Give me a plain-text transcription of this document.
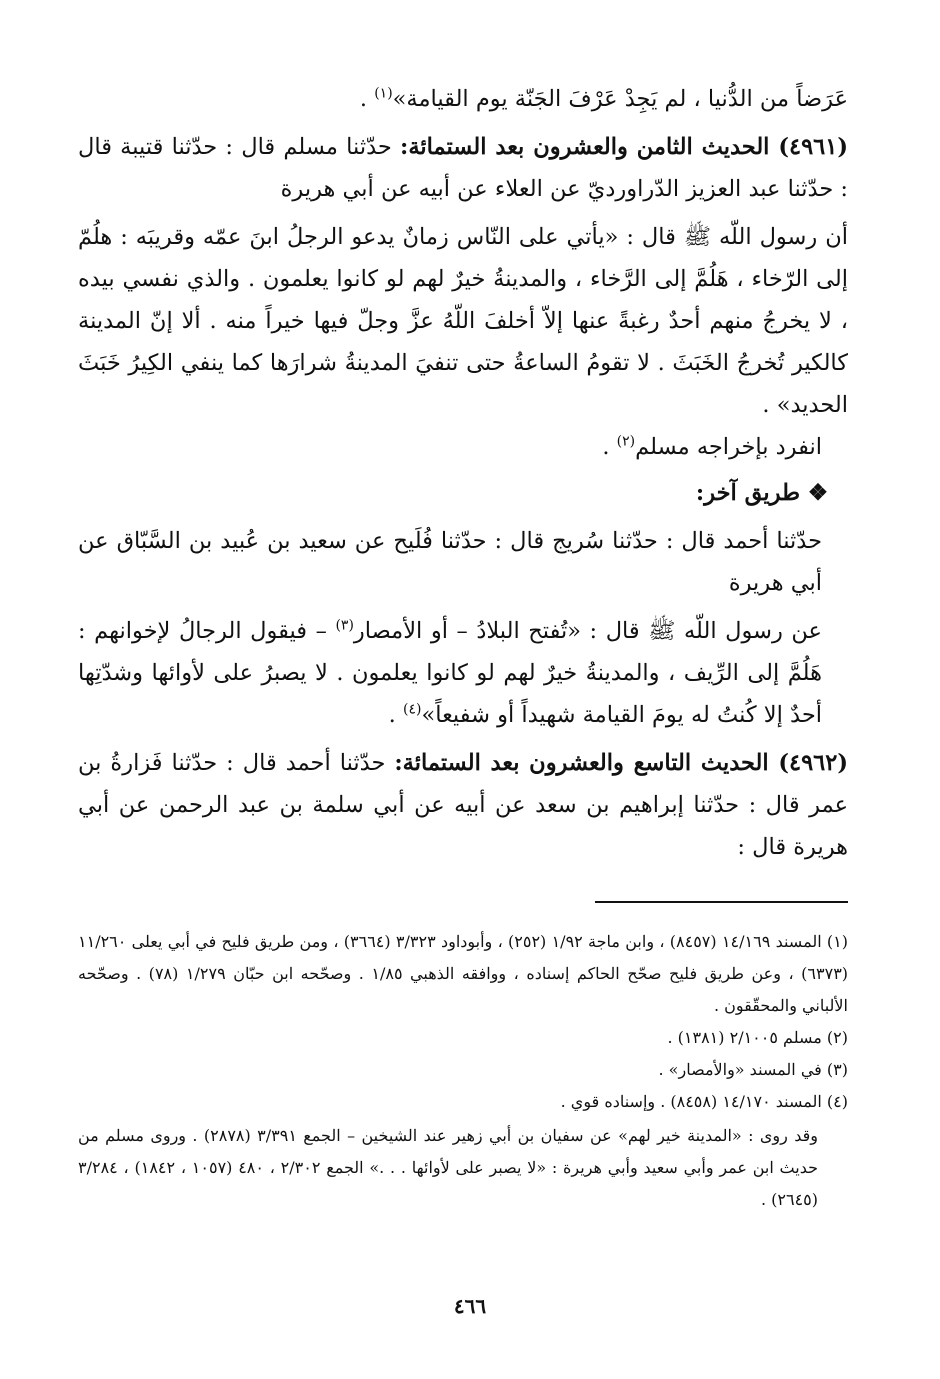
عَرَضاً من الدُّنيا ، لم يَجِدْ عَرْفَ الجَنّة يوم القيامة»$^{(١)}$ .

(٤٩٦١) الحديث الثامن والعشرون بعد الستمائة: حدّثنا مسلم قال : حدّثنا قتيبة قال : حدّثنا عبد العزيز الدّراورديّ عن العلاء عن أبيه عن أبي هريرة

أن رسول اللّه ﷺ قال : «يأتي على النّاس زمانٌ يدعو الرجلُ ابنَ عمّه وقريبَه : هلُمّ إلى الرّخاء ، هَلُمَّ إلى الرَّخاء ، والمدينةُ خيرٌ لهم لو كانوا يعلمون . والذي نفسي بيده ، لا يخرجُ منهم أحدٌ رغبةً عنها إلاّ أخلفَ اللّهُ عزَّ وجلّ فيها خيراً منه . ألا إنّ المدينة كالكير تُخرجُ الخَبَثَ . لا تقومُ الساعةُ حتى تنفيَ المدينةُ شرارَها كما ينفي الكِيرُ خَبَثَ الحديد» .

انفرد بإخراجه مسلم$^{(٢)}$ .

❖ طريق آخر:

حدّثنا أحمد قال : حدّثنا سُريج قال : حدّثنا فُلَيح عن سعيد بن عُبيد بن السَّبّاق عن أبي هريرة

عن رسول اللّه ﷺ قال : «تُفتح البلادُ – أو الأمصار$^{(٣)}$ – فيقول الرجالُ لإخوانهم : هَلُمَّ إلى الرِّيف ، والمدينةُ خيرٌ لهم لو كانوا يعلمون . لا يصبرُ على لأوائها وشدّتِها أحدٌ إلا كُنتُ له يومَ القيامة شهيداً أو شفيعاً»$^{(٤)}$ .

(٤٩٦٢) الحديث التاسع والعشرون بعد الستمائة: حدّثنا أحمد قال : حدّثنا فَزارةُ بن عمر قال : حدّثنا إبراهيم بن سعد عن أبيه عن أبي سلمة بن عبد الرحمن عن أبي هريرة قال :

(١) المسند ١٤/١٦٩ (٨٤٥٧) ، وابن ماجة ١/٩٢ (٢٥٢) ، وأبوداود ٣/٣٢٣ (٣٦٦٤) ، ومن طريق فليح في أبي يعلى ١١/٢٦٠ (٦٣٧٣) ، وعن طريق فليح صحّح الحاكم إسناده ، ووافقه الذهبي ١/٨٥ . وصحّحه ابن حبّان ١/٢٧٩ (٧٨) . وصحّحه الألباني والمحقّقون .

(٢) مسلم ٢/١٠٠٥ (١٣٨١) .

(٣) في المسند «والأمصار» .

(٤) المسند ١٤/١٧٠ (٨٤٥٨) . وإسناده قوي .

وقد روى : «المدينة خير لهم» عن سفيان بن أبي زهير عند الشيخين – الجمع ٣/٣٩١ (٢٨٧٨) . وروى مسلم من حديث ابن عمر وأبي سعيد وأبي هريرة : «لا يصبر على لأوائها . . .» الجمع ٢/٣٠٢ ، ٤٨٠ (١٠٥٧ ، ١٨٤٢) ، ٣/٢٨٤ (٢٦٤٥) .

٤٦٦
